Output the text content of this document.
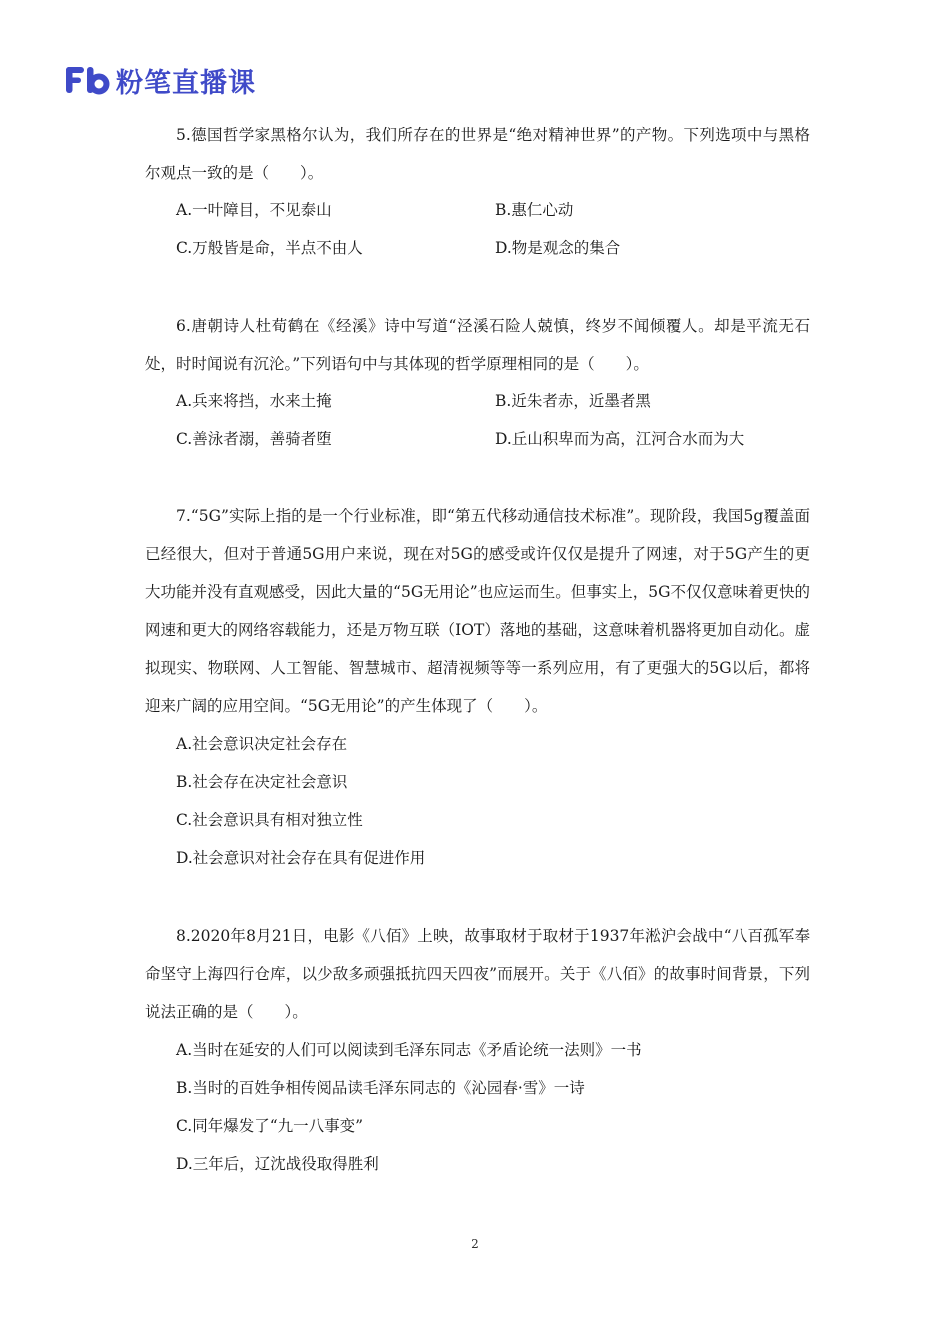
粉笔直播课

5.德国哲学家黑格尔认为，我们所存在的世界是“绝对精神世界”的产物。下列选项中与黑格尔观点一致的是（　　）。

A.一叶障目，不见泰山	B.惠仁心动
C.万般皆是命，半点不由人	D.物是观念的集合

6.唐朝诗人杜荀鹤在《经溪》诗中写道“泾溪石险人兢慎，终岁不闻倾覆人。却是平流无石处，时时闻说有沉沦。”下列语句中与其体现的哲学原理相同的是（　　）。

A.兵来将挡，水来土掩	B.近朱者赤，近墨者黑
C.善泳者溺，善骑者堕	D.丘山积卑而为高，江河合水而为大

7.“5G”实际上指的是一个行业标准，即“第五代移动通信技术标准”。现阶段，我国5g覆盖面已经很大，但对于普通5G用户来说，现在对5G的感受或许仅仅是提升了网速，对于5G产生的更大功能并没有直观感受，因此大量的“5G无用论”也应运而生。但事实上，5G不仅仅意味着更快的网速和更大的网络容载能力，还是万物互联（IOT）落地的基础，这意味着机器将更加自动化。虚拟现实、物联网、人工智能、智慧城市、超清视频等等一系列应用，有了更强大的5G以后，都将迎来广阔的应用空间。“5G无用论”的产生体现了（　　）。

A.社会意识决定社会存在
B.社会存在决定社会意识
C.社会意识具有相对独立性
D.社会意识对社会存在具有促进作用

8.2020年8月21日，电影《八佰》上映，故事取材于取材于1937年淞沪会战中“八百孤军奉命坚守上海四行仓库，以少敌多顽强抵抗四天四夜”而展开。关于《八佰》的故事时间背景，下列说法正确的是（　　）。

A.当时在延安的人们可以阅读到毛泽东同志《矛盾论统一法则》一书
B.当时的百姓争相传阅品读毛泽东同志的《沁园春·雪》一诗
C.同年爆发了“九一八事变”
D.三年后，辽沈战役取得胜利
2
